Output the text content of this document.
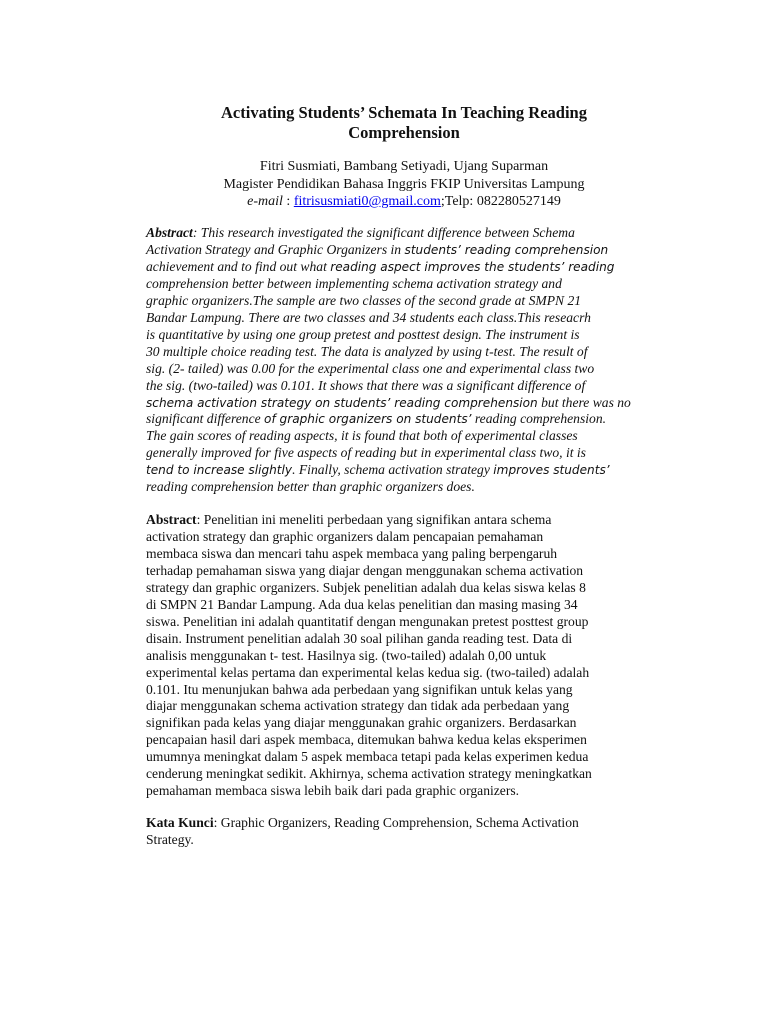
Activating Students’ Schemata In Teaching Reading
Comprehension
Fitri Susmiati, Bambang Setiyadi, Ujang Suparman
Magister Pendidikan Bahasa Inggris FKIP Universitas Lampung
e-mail : fitrisusmiati0@gmail.com;Telp: 082280527149
Abstract: This research investigated the significant difference between Schema
Activation Strategy and Graphic Organizers in students’ reading comprehension
achievement and to find out what reading aspect improves the students’ reading
comprehension better between implementing schema activation strategy and
graphic organizers.The sample are two classes of the second grade at SMPN 21
Bandar Lampung. There are two classes and 34 students each class.This reseacrh
is quantitative by using one group pretest and posttest design. The instrument is
30 multiple choice reading test. The data is analyzed by using t-test. The result of
sig. (2- tailed) was 0.00 for the experimental class one and experimental class two
the sig. (two-tailed) was 0.101. It shows that there was a significant difference of
schema activation strategy on students’ reading comprehension but there was no
significant difference of graphic organizers on students’ reading comprehension.
The gain scores of reading aspects, it is found that both of experimental classes
generally improved for five aspects of reading but in experimental class two, it is
tend to increase slightly. Finally, schema activation strategy improves students’
reading comprehension better than graphic organizers does.
Abstract: Penelitian ini meneliti perbedaan yang signifikan antara schema
activation strategy dan graphic organizers dalam pencapaian pemahaman
membaca siswa dan mencari tahu aspek membaca yang paling berpengaruh
terhadap pemahaman siswa yang diajar dengan menggunakan schema activation
strategy dan graphic organizers. Subjek penelitian adalah dua kelas siswa kelas 8
di SMPN 21 Bandar Lampung. Ada dua kelas penelitian dan masing masing 34
siswa. Penelitian ini adalah quantitatif dengan mengunakan pretest posttest group
disain. Instrument penelitian adalah 30 soal pilihan ganda reading test. Data di
analisis menggunakan t- test. Hasilnya sig. (two-tailed) adalah 0,00 untuk
experimental kelas pertama dan experimental kelas kedua sig. (two-tailed) adalah
0.101. Itu menunjukan bahwa ada perbedaan yang signifikan untuk kelas yang
diajar menggunakan schema activation strategy dan tidak ada perbedaan yang
signifikan pada kelas yang diajar menggunakan grahic organizers. Berdasarkan
pencapaian hasil dari aspek membaca, ditemukan bahwa kedua kelas eksperimen
umumnya meningkat dalam 5 aspek membaca tetapi pada kelas experimen kedua
cenderung meningkat sedikit. Akhirnya, schema activation strategy meningkatkan
pemahaman membaca siswa lebih baik dari pada graphic organizers.
Kata Kunci: Graphic Organizers, Reading Comprehension, Schema Activation
Strategy.
